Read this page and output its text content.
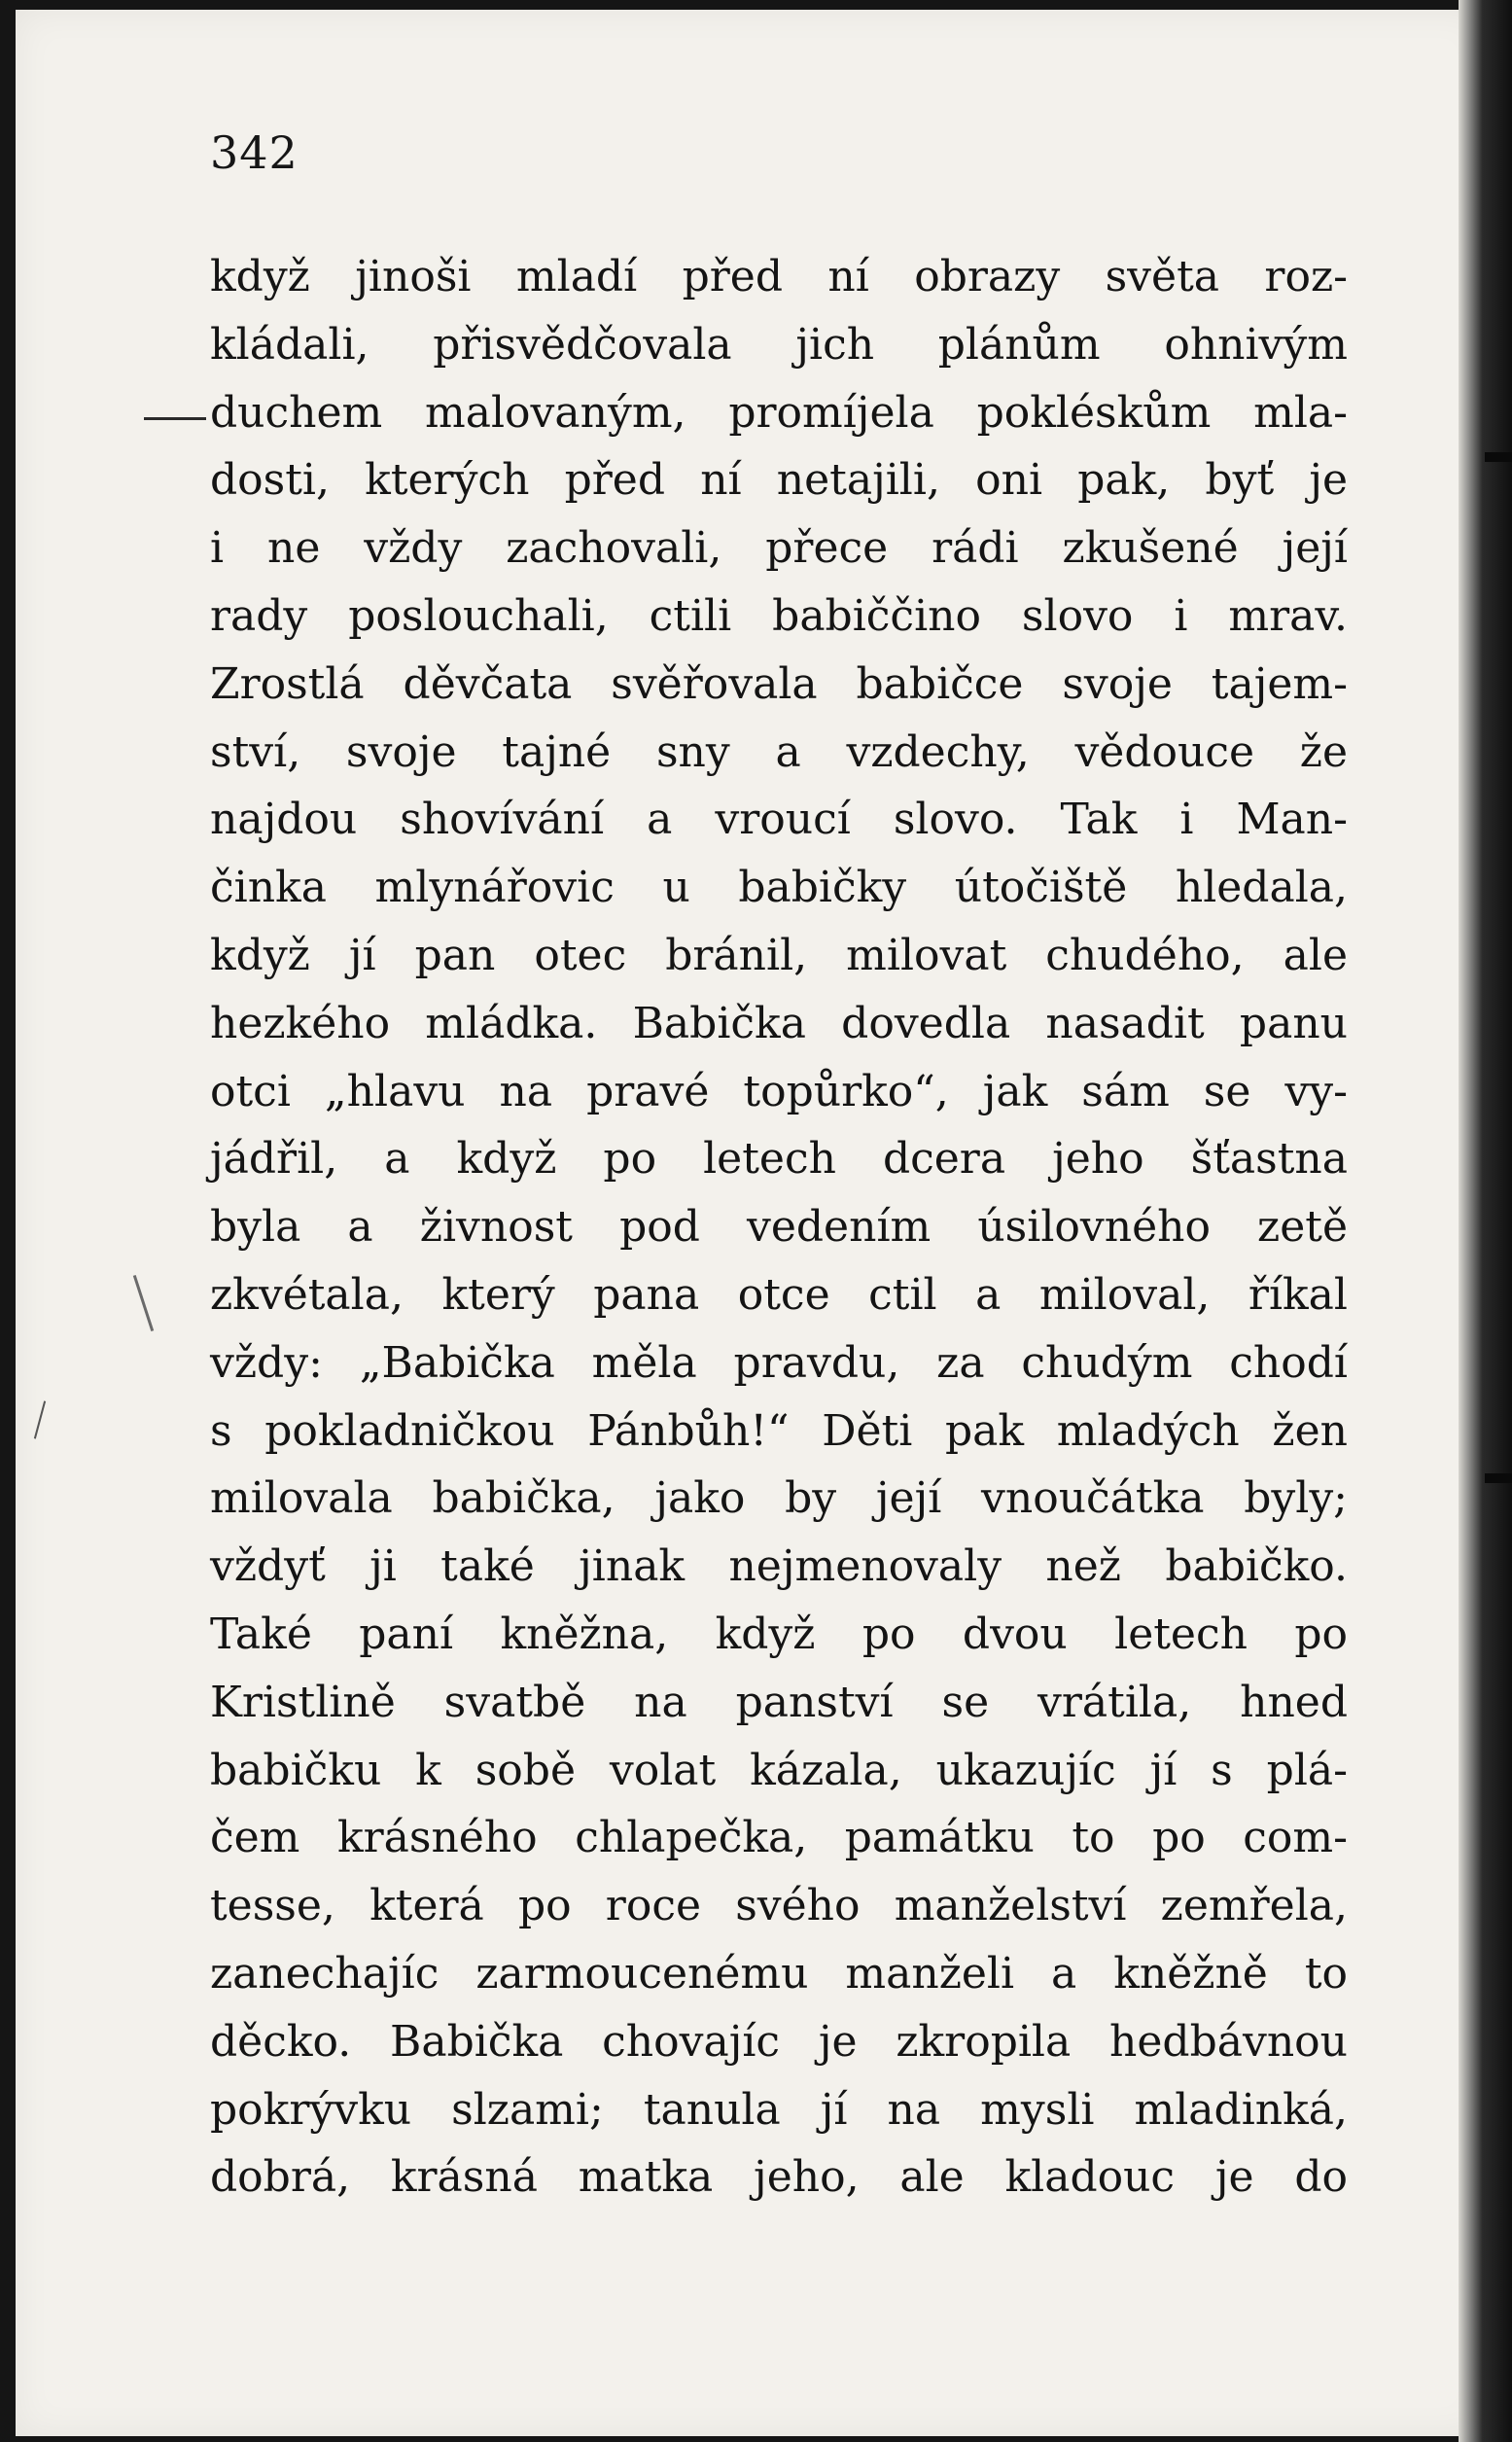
342
když jinoši mladí před ní obrazy světa roz-
kládali, přisvědčovala jich plánům ohnivým
duchem malovaným, promíjela pokléskům mla-
dosti, kterých před ní netajili, oni pak, byť je
i ne vždy zachovali, přece rádi zkušené její
rady poslouchali, ctili babiččino slovo i mrav.
Zrostlá děvčata svěřovala babičce svoje tajem-
ství, svoje tajné sny a vzdechy, vědouce že
najdou shovívání a vroucí slovo. Tak i Man-
činka mlynářovic u babičky útočiště hledala,
když jí pan otec bránil, milovat chudého, ale
hezkého mládka. Babička dovedla nasadit panu
otci „hlavu na pravé topůrko“, jak sám se vy-
jádřil, a když po letech dcera jeho šťastna
byla a živnost pod vedením úsilovného zetě
zkvétala, který pana otce ctil a miloval, říkal
vždy: „Babička měla pravdu, za chudým chodí
s pokladničkou Pánbůh!“ Děti pak mladých žen
milovala babička, jako by její vnoučátka byly;
vždyť ji také jinak nejmenovaly než babičko.
Také paní kněžna, když po dvou letech po
Kristlině svatbě na panství se vrátila, hned
babičku k sobě volat kázala, ukazujíc jí s plá-
čem krásného chlapečka, památku to po com-
tesse, která po roce svého manželství zemřela,
zanechajíc zarmoucenému manželi a kněžně to
děcko. Babička chovajíc je zkropila hedbávnou
pokrývku slzami; tanula jí na mysli mladinká,
dobrá, krásná matka jeho, ale kladouc je do
